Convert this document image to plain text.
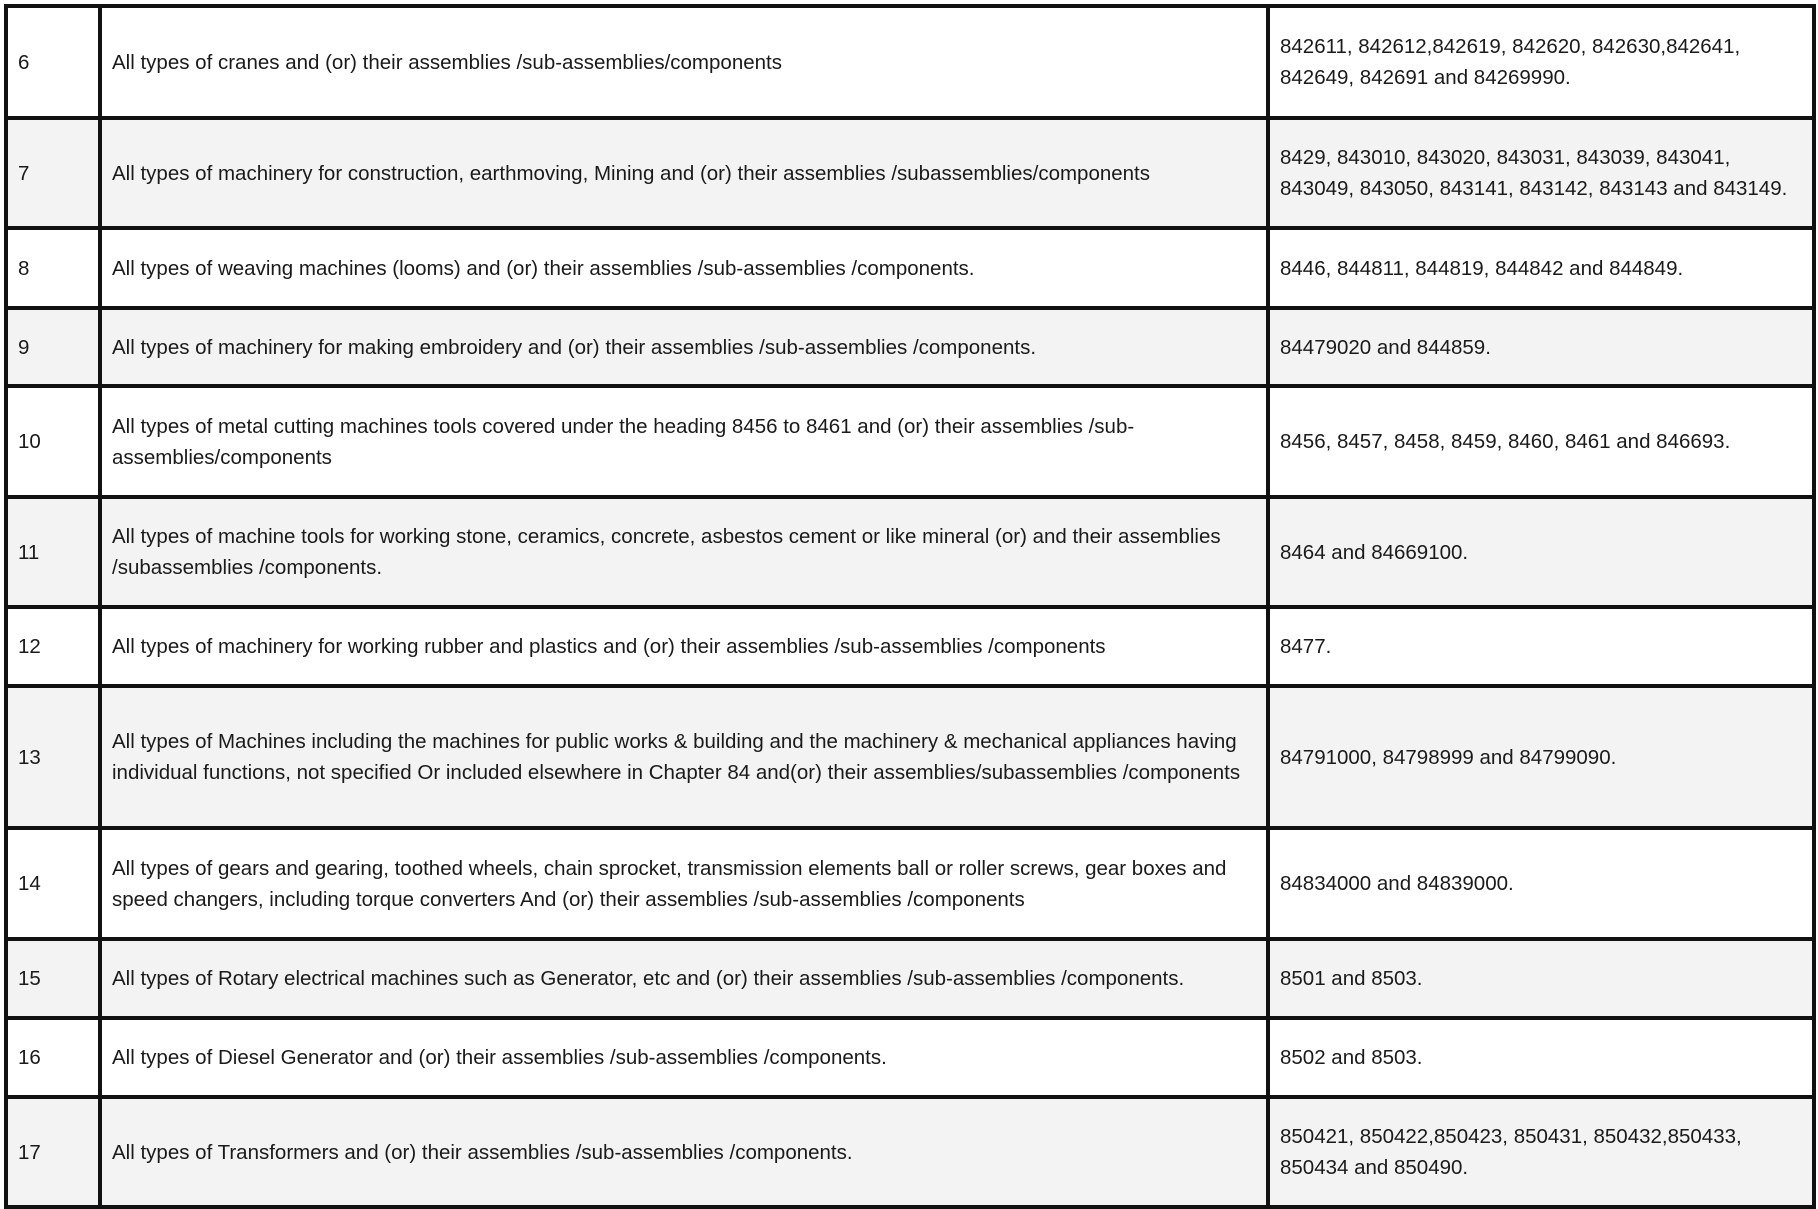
6	All types of cranes and (or) their assemblies /sub-assemblies/components	842611, 842612,842619, 842620, 842630,842641, 842649, 842691 and 84269990.
7	All types of machinery for construction, earthmoving, Mining and (or) their assemblies /subassemblies/components	8429, 843010, 843020, 843031, 843039, 843041, 843049, 843050, 843141, 843142, 843143 and 843149.
8	All types of weaving machines (looms) and (or) their assemblies /sub-assemblies /components.	8446, 844811, 844819, 844842 and 844849.
9	All types of machinery for making embroidery and (or) their assemblies /sub-assemblies /components.	84479020 and 844859.
10	All types of metal cutting machines tools covered under the heading 8456 to 8461 and (or) their assemblies /sub-assemblies/components	8456, 8457, 8458, 8459, 8460, 8461 and 846693.
11	All types of machine tools for working stone, ceramics, concrete, asbestos cement or like mineral (or) and their assemblies /subassemblies /components.	8464 and 84669100.
12	All types of machinery for working rubber and plastics and (or) their assemblies /sub-assemblies /components	8477.
13	All types of Machines including the machines for public works & building and the machinery & mechanical appliances having individual functions, not specified Or included elsewhere in Chapter 84 and(or) their assemblies/subassemblies /components	84791000, 84798999 and 84799090.
14	All types of gears and gearing, toothed wheels, chain sprocket, transmission elements ball or roller screws, gear boxes and speed changers, including torque converters And (or) their assemblies /sub-assemblies /components	84834000 and 84839000.
15	All types of Rotary electrical machines such as Generator, etc and (or) their assemblies /sub-assemblies /components.	8501 and 8503.
16	All types of Diesel Generator and (or) their assemblies /sub-assemblies /components.	8502 and 8503.
17	All types of Transformers and (or) their assemblies /sub-assemblies /components.	850421, 850422,850423, 850431, 850432,850433, 850434 and 850490.
